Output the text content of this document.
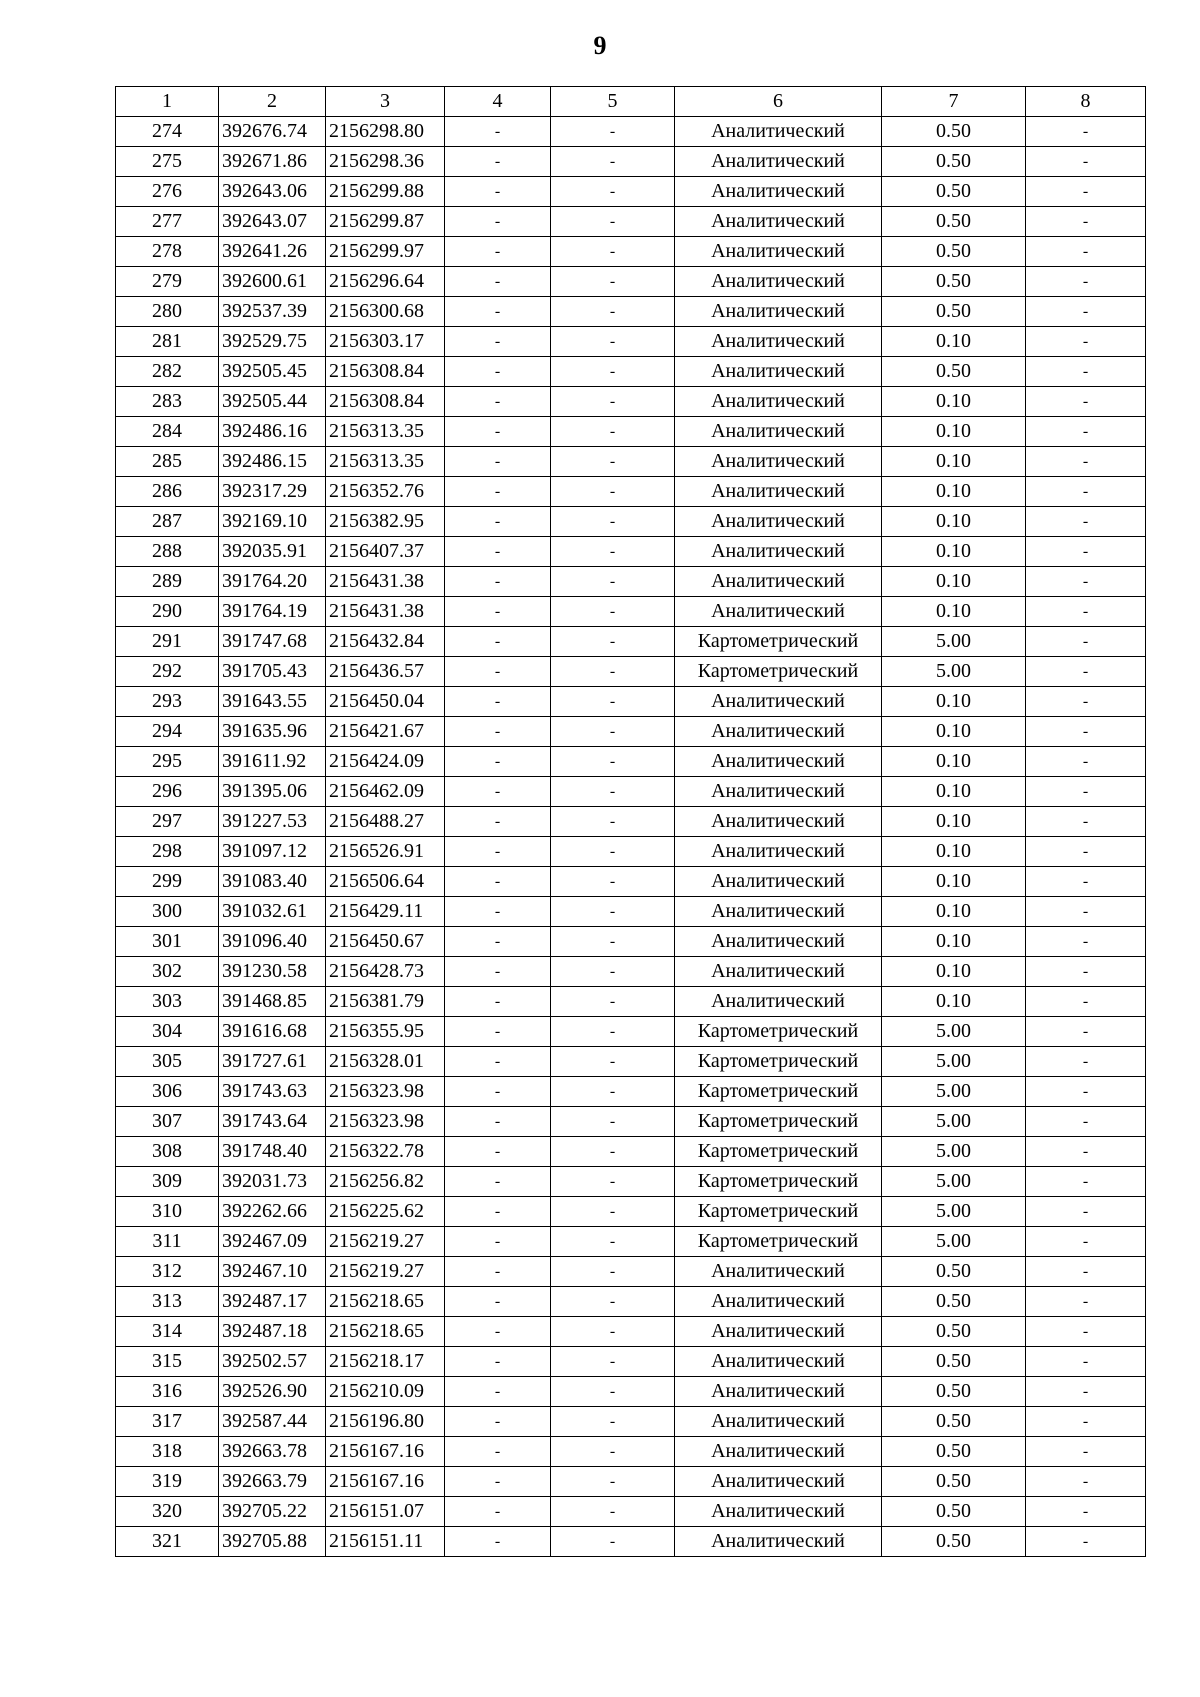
9
1	2	3	4	5	6	7	8
274	392676.74	2156298.80	-	-	Аналитический	0.50	-
275	392671.86	2156298.36	-	-	Аналитический	0.50	-
276	392643.06	2156299.88	-	-	Аналитический	0.50	-
277	392643.07	2156299.87	-	-	Аналитический	0.50	-
278	392641.26	2156299.97	-	-	Аналитический	0.50	-
279	392600.61	2156296.64	-	-	Аналитический	0.50	-
280	392537.39	2156300.68	-	-	Аналитический	0.50	-
281	392529.75	2156303.17	-	-	Аналитический	0.10	-
282	392505.45	2156308.84	-	-	Аналитический	0.50	-
283	392505.44	2156308.84	-	-	Аналитический	0.10	-
284	392486.16	2156313.35	-	-	Аналитический	0.10	-
285	392486.15	2156313.35	-	-	Аналитический	0.10	-
286	392317.29	2156352.76	-	-	Аналитический	0.10	-
287	392169.10	2156382.95	-	-	Аналитический	0.10	-
288	392035.91	2156407.37	-	-	Аналитический	0.10	-
289	391764.20	2156431.38	-	-	Аналитический	0.10	-
290	391764.19	2156431.38	-	-	Аналитический	0.10	-
291	391747.68	2156432.84	-	-	Картометрический	5.00	-
292	391705.43	2156436.57	-	-	Картометрический	5.00	-
293	391643.55	2156450.04	-	-	Аналитический	0.10	-
294	391635.96	2156421.67	-	-	Аналитический	0.10	-
295	391611.92	2156424.09	-	-	Аналитический	0.10	-
296	391395.06	2156462.09	-	-	Аналитический	0.10	-
297	391227.53	2156488.27	-	-	Аналитический	0.10	-
298	391097.12	2156526.91	-	-	Аналитический	0.10	-
299	391083.40	2156506.64	-	-	Аналитический	0.10	-
300	391032.61	2156429.11	-	-	Аналитический	0.10	-
301	391096.40	2156450.67	-	-	Аналитический	0.10	-
302	391230.58	2156428.73	-	-	Аналитический	0.10	-
303	391468.85	2156381.79	-	-	Аналитический	0.10	-
304	391616.68	2156355.95	-	-	Картометрический	5.00	-
305	391727.61	2156328.01	-	-	Картометрический	5.00	-
306	391743.63	2156323.98	-	-	Картометрический	5.00	-
307	391743.64	2156323.98	-	-	Картометрический	5.00	-
308	391748.40	2156322.78	-	-	Картометрический	5.00	-
309	392031.73	2156256.82	-	-	Картометрический	5.00	-
310	392262.66	2156225.62	-	-	Картометрический	5.00	-
311	392467.09	2156219.27	-	-	Картометрический	5.00	-
312	392467.10	2156219.27	-	-	Аналитический	0.50	-
313	392487.17	2156218.65	-	-	Аналитический	0.50	-
314	392487.18	2156218.65	-	-	Аналитический	0.50	-
315	392502.57	2156218.17	-	-	Аналитический	0.50	-
316	392526.90	2156210.09	-	-	Аналитический	0.50	-
317	392587.44	2156196.80	-	-	Аналитический	0.50	-
318	392663.78	2156167.16	-	-	Аналитический	0.50	-
319	392663.79	2156167.16	-	-	Аналитический	0.50	-
320	392705.22	2156151.07	-	-	Аналитический	0.50	-
321	392705.88	2156151.11	-	-	Аналитический	0.50	-
